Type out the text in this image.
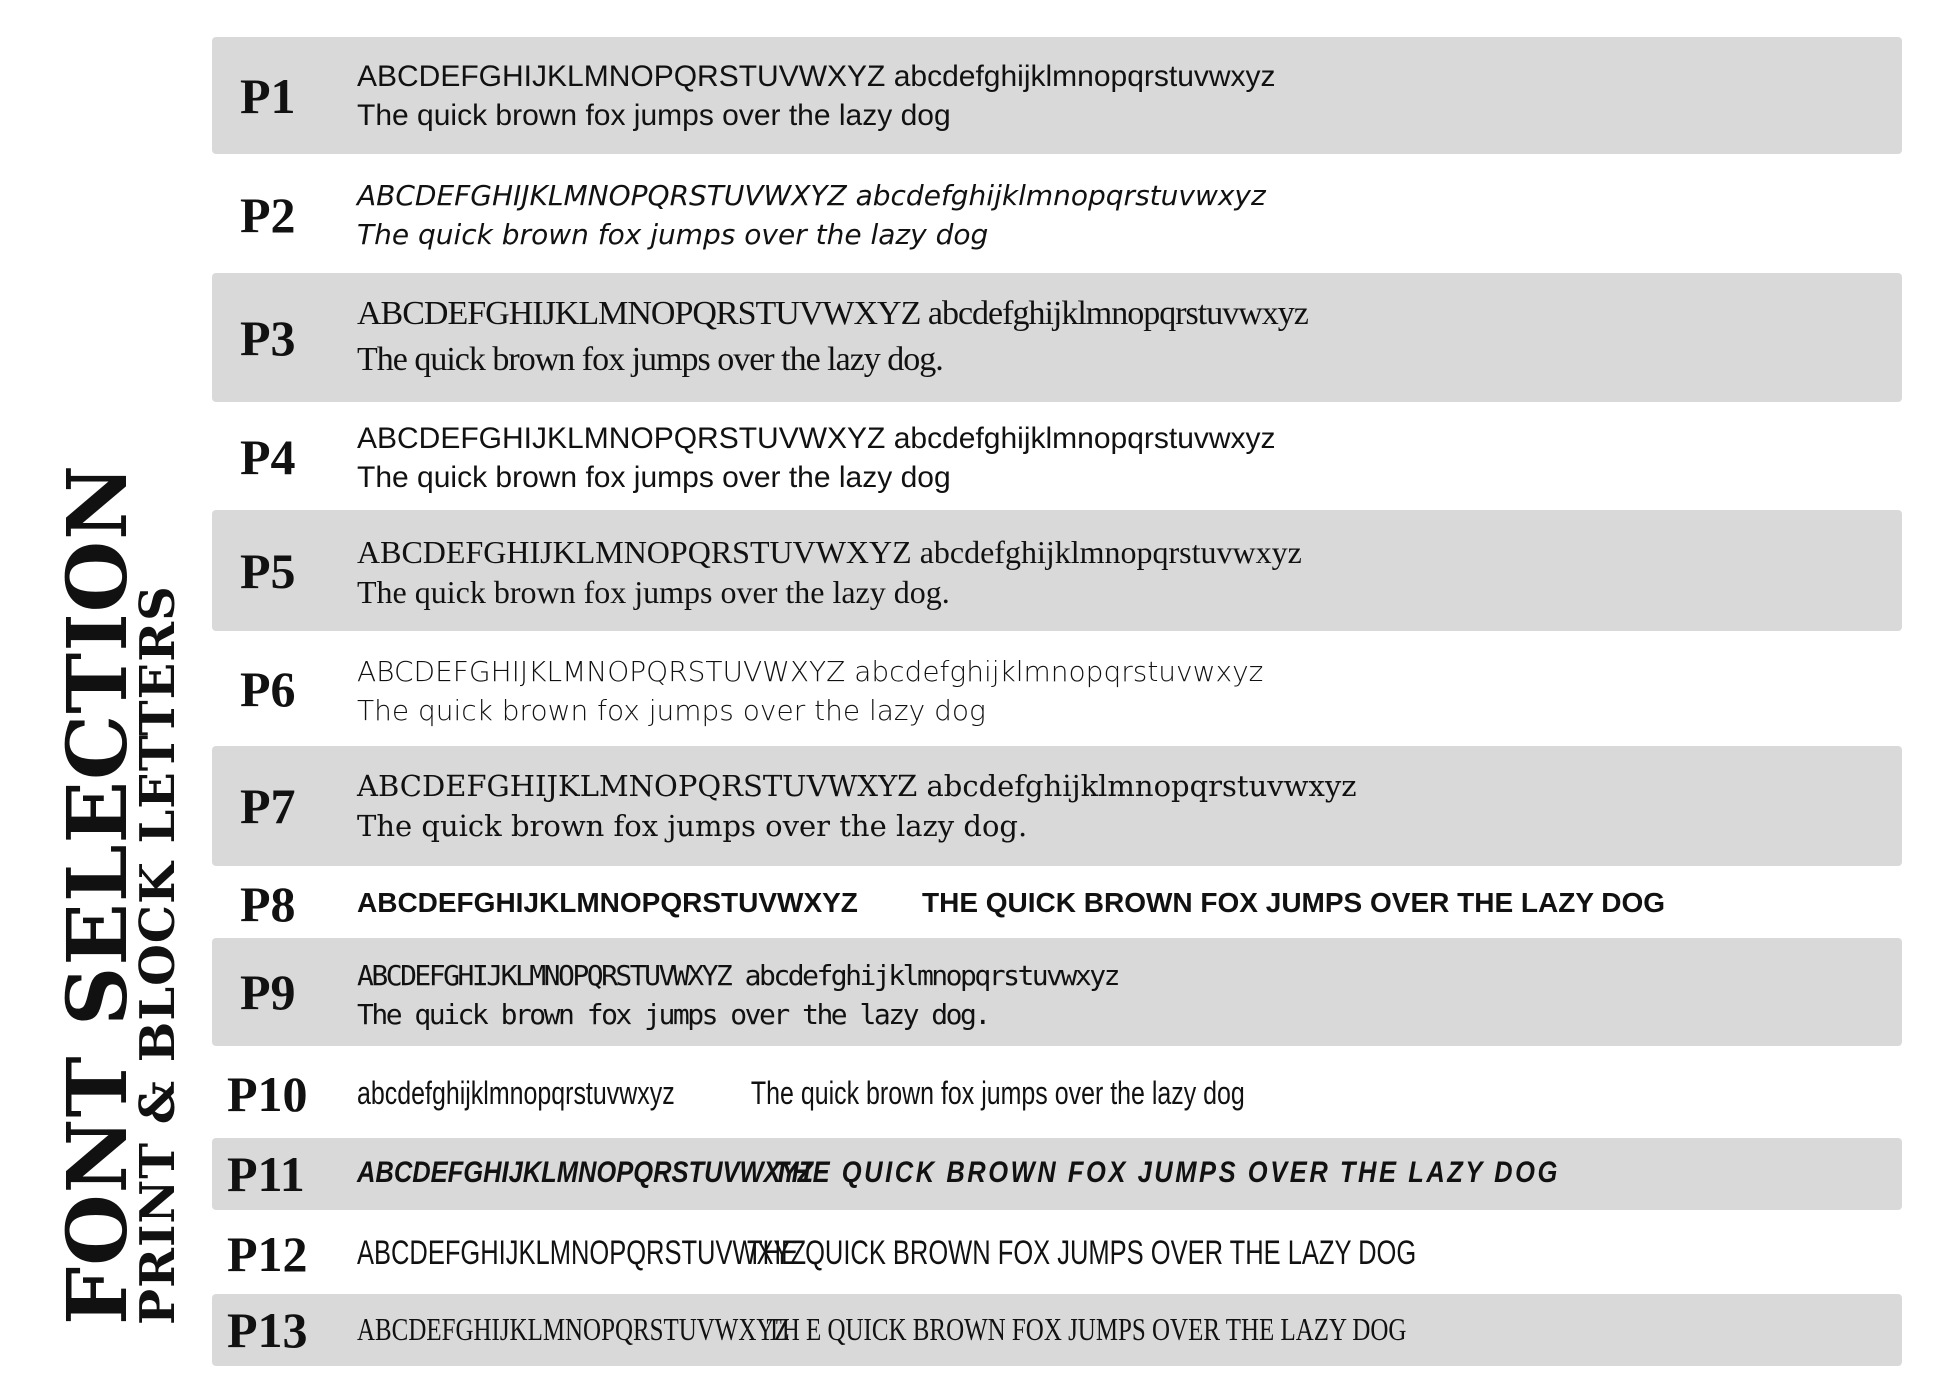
FONT SELECTION
PRINT & BLOCK LETTERS
P1 ABCDEFGHIJKLMNOPQRSTUVWXYZ abcdefghijklmnopqrstuvwxyz
The quick brown fox jumps over the lazy dog
P2 ABCDEFGHIJKLMNOPQRSTUVWXYZ abcdefghijklmnopqrstuvwxyz
The quick brown fox jumps over the lazy dog
P3 ABCDEFGHIJKLMNOPQRSTUVWXYZ abcdefghijklmnopqrstuvwxyz
The quick brown fox jumps over the lazy dog.
P4 ABCDEFGHIJKLMNOPQRSTUVWXYZ abcdefghijklmnopqrstuvwxyz
The quick brown fox jumps over the lazy dog
P5 ABCDEFGHIJKLMNOPQRSTUVWXYZ abcdefghijklmnopqrstuvwxyz
The quick brown fox jumps over the lazy dog.
P6 ABCDEFGHIJKLMNOPQRSTUVWXYZ abcdefghijklmnopqrstuvwxyz
The quick brown fox jumps over the lazy dog
P7 ABCDEFGHIJKLMNOPQRSTUVWXYZ abcdefghijklmnopqrstuvwxyz
The quick brown fox jumps over the lazy dog.
P8 ABCDEFGHIJKLMNOPQRSTUVWXYZ THE QUICK BROWN FOX JUMPS OVER THE LAZY DOG
P9 ABCDEFGHIJKLMNOPQRSTUVWXYZ abcdefghijklmnopqrstuvwxyz
The quick brown fox jumps over the lazy dog.
P10 abcdefghijklmnopqrstuvwxyz The quick brown fox jumps over the lazy dog
P11 ABCDEFGHIJKLMNOPQRSTUVWXYZ
THE QUICK BROWN FOX JUMPS OVER THE LAZY DOG
P12 ABCDEFGHIJKLMNOPQRSTUVWXYZ
THE QUICK BROWN FOX JUMPS OVER THE LAZY DOG
P13 ABCDEFGHIJKLMNOPQRSTUVWXYZ
TH E QUICK BROWN FOX JUMPS OVER THE LAZY DOG
